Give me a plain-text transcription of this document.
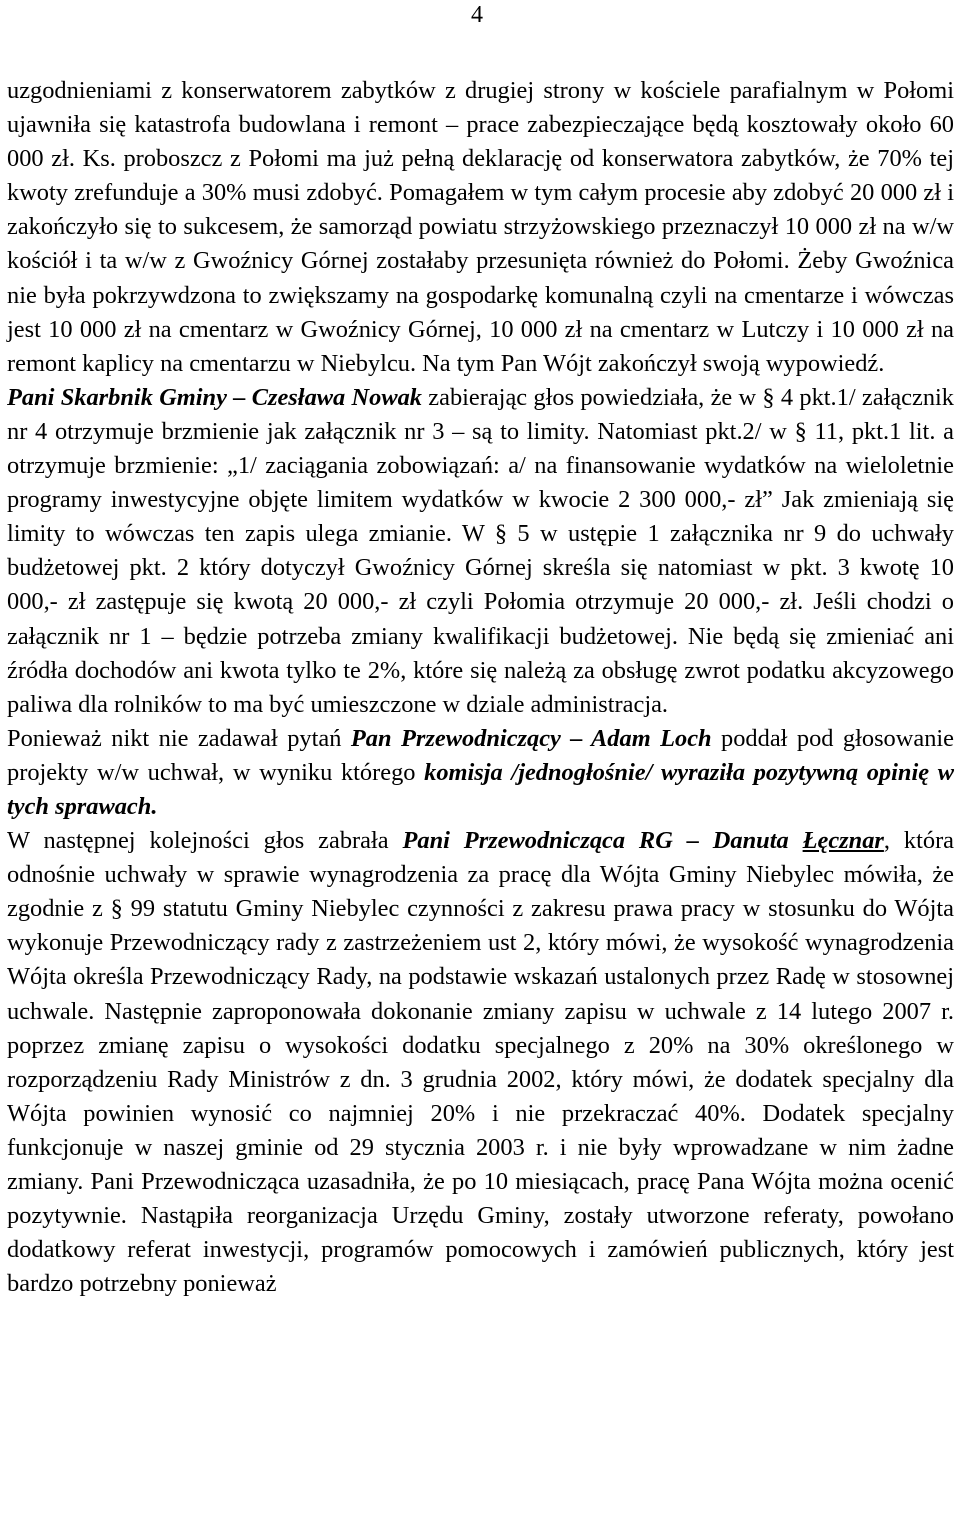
4

uzgodnieniami z konserwatorem zabytków z drugiej strony w kościele parafialnym w Połomi ujawniła się katastrofa budowlana i remont – prace zabezpieczające będą kosztowały około 60 000 zł. Ks. proboszcz z Połomi ma już pełną deklarację od konserwatora zabytków, że 70% tej kwoty zrefunduje a 30% musi zdobyć. Pomagałem w tym całym procesie aby zdobyć 20 000 zł i zakończyło się to sukcesem, że samorząd powiatu strzyżowskiego przeznaczył 10 000 zł na w/w kościół i ta w/w z Gwoźnicy Górnej zostałaby przesunięta również do Połomi. Żeby Gwoźnica nie była pokrzywdzona to zwiększamy na gospodarkę komunalną czyli na cmentarze i wówczas jest 10 000 zł na cmentarz w Gwoźnicy Górnej, 10 000 zł na cmentarz w Lutczy i 10 000 zł na remont kaplicy na cmentarzu w Niebylcu. Na tym Pan Wójt zakończył swoją wypowiedź.

Pani Skarbnik Gminy – Czesława Nowak zabierając głos powiedziała, że w § 4 pkt.1/ załącznik nr 4 otrzymuje brzmienie jak załącznik nr 3 – są to limity. Natomiast pkt.2/ w § 11, pkt.1 lit. a otrzymuje brzmienie: „1/ zaciągania zobowiązań: a/ na finansowanie wydatków na wieloletnie programy inwestycyjne objęte limitem wydatków w kwocie 2 300 000,- zł” Jak zmieniają się limity to wówczas ten zapis ulega zmianie. W § 5 w ustępie 1 załącznika nr 9 do uchwały budżetowej pkt. 2 który dotyczył Gwoźnicy Górnej skreśla się natomiast w pkt. 3 kwotę 10 000,- zł zastępuje się kwotą 20 000,- zł czyli Połomia otrzymuje 20 000,- zł. Jeśli chodzi o załącznik nr 1 – będzie potrzeba zmiany kwalifikacji budżetowej. Nie będą się zmieniać ani źródła dochodów ani kwota tylko te 2%, które się należą za obsługę zwrot podatku akcyzowego paliwa dla rolników to ma być umieszczone w dziale administracja.

Ponieważ nikt nie zadawał pytań Pan Przewodniczący – Adam Loch poddał pod głosowanie projekty w/w uchwał, w wyniku którego komisja /jednogłośnie/ wyraziła pozytywną opinię w tych sprawach.

W następnej kolejności głos zabrała Pani Przewodnicząca RG – Danuta Łęcznar, która odnośnie uchwały w sprawie wynagrodzenia za pracę dla Wójta Gminy Niebylec mówiła, że zgodnie z § 99 statutu Gminy Niebylec czynności z zakresu prawa pracy w stosunku do Wójta wykonuje Przewodniczący rady z zastrzeżeniem ust 2, który mówi, że wysokość wynagrodzenia Wójta określa Przewodniczący Rady, na podstawie wskazań ustalonych przez Radę w stosownej uchwale. Następnie zaproponowała dokonanie zmiany zapisu w uchwale z 14 lutego 2007 r. poprzez zmianę zapisu o wysokości dodatku specjalnego z 20% na 30% określonego w rozporządzeniu Rady Ministrów z dn. 3 grudnia 2002, który mówi, że dodatek specjalny dla Wójta powinien wynosić co najmniej 20% i nie przekraczać 40%. Dodatek specjalny funkcjonuje w naszej gminie od 29 stycznia 2003 r. i nie były wprowadzane w nim żadne zmiany. Pani Przewodnicząca uzasadniła, że po 10 miesiącach, pracę Pana Wójta można ocenić pozytywnie. Nastąpiła reorganizacja Urzędu Gminy, zostały utworzone referaty, powołano dodatkowy referat inwestycji, programów pomocowych i zamówień publicznych, który jest bardzo potrzebny ponieważ
